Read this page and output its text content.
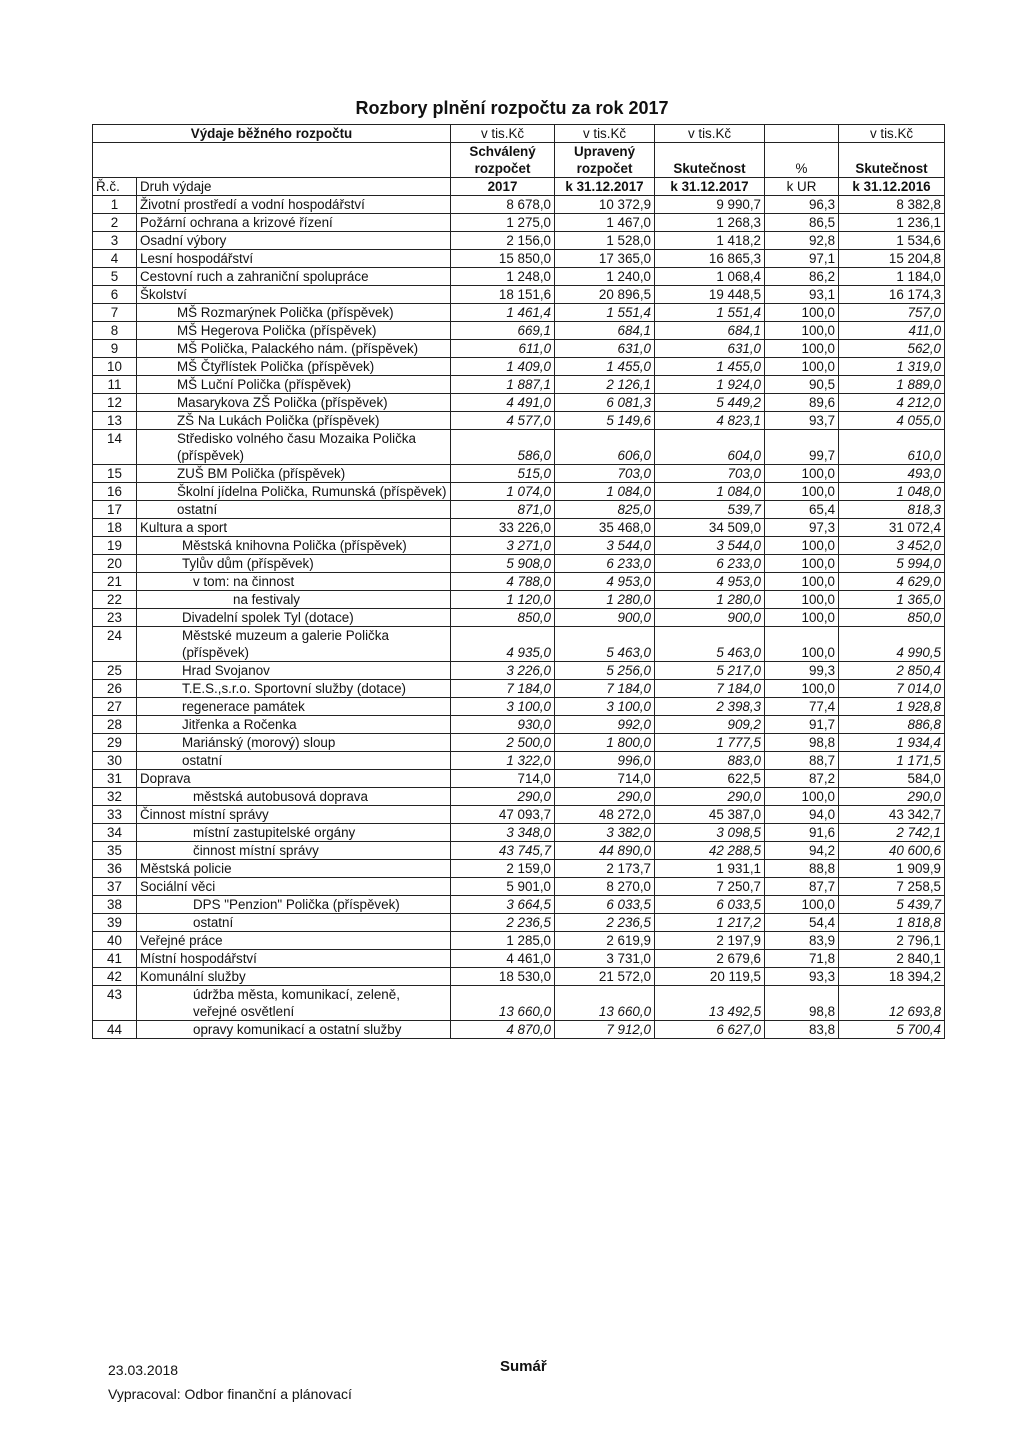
Rozbory plnění rozpočtu za rok 2017
Výdaje běžného rozpočtu		v tis.Kč	v tis.Kč	v tis.Kč		v tis.Kč
		Schválený rozpočet	Upravený rozpočet	Skutečnost	%	Skutečnost
Ř.č.	Druh výdaje	2017	k 31.12.2017	k 31.12.2017	k UR	k 31.12.2016
1	Životní prostředí a vodní hospodářství	8 678,0	10 372,9	9 990,7	96,3	8 382,8
2	Požární ochrana a krizové řízení	1 275,0	1 467,0	1 268,3	86,5	1 236,1
3	Osadní výbory	2 156,0	1 528,0	1 418,2	92,8	1 534,6
4	Lesní hospodářství	15 850,0	17 365,0	16 865,3	97,1	15 204,8
5	Cestovní ruch a zahraniční spolupráce	1 248,0	1 240,0	1 068,4	86,2	1 184,0
6	Školství	18 151,6	20 896,5	19 448,5	93,1	16 174,3
7	MŠ Rozmarýnek Polička (příspěvek)	1 461,4	1 551,4	1 551,4	100,0	757,0
8	MŠ Hegerova Polička (příspěvek)	669,1	684,1	684,1	100,0	411,0
9	MŠ Polička, Palackého nám. (příspěvek)	611,0	631,0	631,0	100,0	562,0
10	MŠ Čtyřlístek Polička (příspěvek)	1 409,0	1 455,0	1 455,0	100,0	1 319,0
11	MŠ Luční Polička (příspěvek)	1 887,1	2 126,1	1 924,0	90,5	1 889,0
12	Masarykova ZŠ Polička (příspěvek)	4 491,0	6 081,3	5 449,2	89,6	4 212,0
13	ZŠ Na Lukách Polička (příspěvek)	4 577,0	5 149,6	4 823,1	93,7	4 055,0
14	Středisko volného času Mozaika Polička (příspěvek)	586,0	606,0	604,0	99,7	610,0
15	ZUŠ BM Polička (příspěvek)	515,0	703,0	703,0	100,0	493,0
16	Školní jídelna Polička, Rumunská (příspěvek)	1 074,0	1 084,0	1 084,0	100,0	1 048,0
17	ostatní	871,0	825,0	539,7	65,4	818,3
18	Kultura a sport	33 226,0	35 468,0	34 509,0	97,3	31 072,4
19	Městská knihovna Polička (příspěvek)	3 271,0	3 544,0	3 544,0	100,0	3 452,0
20	Tylův dům (příspěvek)	5 908,0	6 233,0	6 233,0	100,0	5 994,0
21	v tom: na činnost	4 788,0	4 953,0	4 953,0	100,0	4 629,0
22	na festivaly	1 120,0	1 280,0	1 280,0	100,0	1 365,0
23	Divadelní spolek Tyl (dotace)	850,0	900,0	900,0	100,0	850,0
24	Městské muzeum a galerie Polička (příspěvek)	4 935,0	5 463,0	5 463,0	100,0	4 990,5
25	Hrad Svojanov	3 226,0	5 256,0	5 217,0	99,3	2 850,4
26	T.E.S.,s.r.o. Sportovní služby (dotace)	7 184,0	7 184,0	7 184,0	100,0	7 014,0
27	regenerace památek	3 100,0	3 100,0	2 398,3	77,4	1 928,8
28	Jitřenka a Ročenka	930,0	992,0	909,2	91,7	886,8
29	Mariánský (morový) sloup	2 500,0	1 800,0	1 777,5	98,8	1 934,4
30	ostatní	1 322,0	996,0	883,0	88,7	1 171,5
31	Doprava	714,0	714,0	622,5	87,2	584,0
32	městská autobusová doprava	290,0	290,0	290,0	100,0	290,0
33	Činnost místní správy	47 093,7	48 272,0	45 387,0	94,0	43 342,7
34	místní zastupitelské orgány	3 348,0	3 382,0	3 098,5	91,6	2 742,1
35	činnost místní správy	43 745,7	44 890,0	42 288,5	94,2	40 600,6
36	Městská policie	2 159,0	2 173,7	1 931,1	88,8	1 909,9
37	Sociální věci	5 901,0	8 270,0	7 250,7	87,7	7 258,5
38	DPS "Penzion" Polička (příspěvek)	3 664,5	6 033,5	6 033,5	100,0	5 439,7
39	ostatní	2 236,5	2 236,5	1 217,2	54,4	1 818,8
40	Veřejné práce	1 285,0	2 619,9	2 197,9	83,9	2 796,1
41	Místní hospodářství	4 461,0	3 731,0	2 679,6	71,8	2 840,1
42	Komunální služby	18 530,0	21 572,0	20 119,5	93,3	18 394,2
43	údržba města, komunikací, zeleně, veřejné osvětlení	13 660,0	13 660,0	13 492,5	98,8	12 693,8
44	opravy komunikací a ostatní služby	4 870,0	7 912,0	6 627,0	83,8	5 700,4
23.03.2018
Vypracoval: Odbor finanční a plánovací
Sumář
